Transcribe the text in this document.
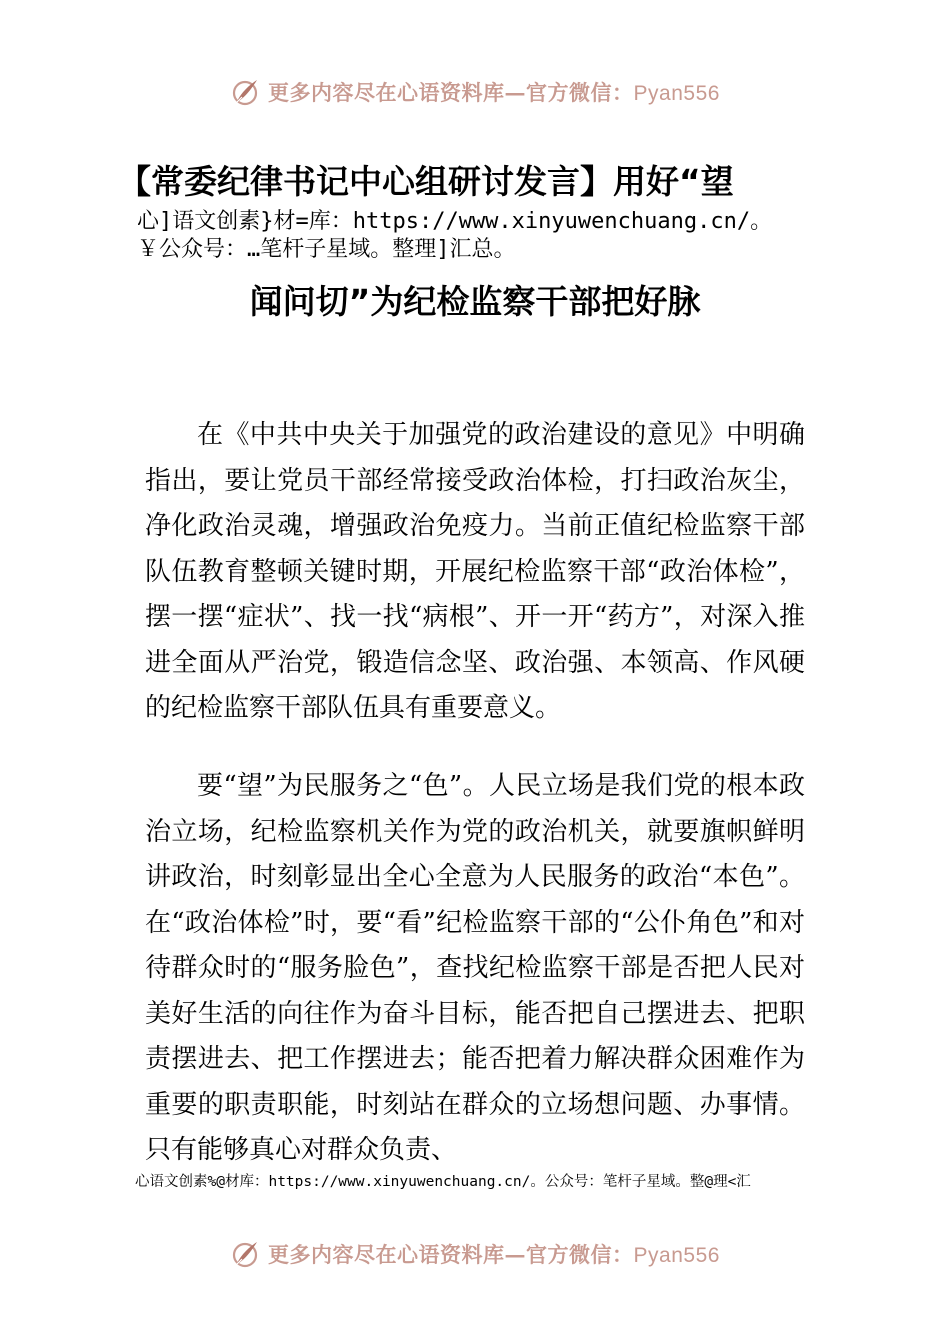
更多内容尽在心语资料库—官方微信：Pyan556
【常委纪律书记中心组研讨发言】用好“望
心]语文创素}材=库：https://www.xinyuwenchuang.cn/。
￥公众号：…笔杆子星域。整理]汇总。
闻问切”为纪检监察干部把好脉

在《中共中央关于加强党的政治建设的意见》中明确指出，要让党员干部经常接受政治体检，打扫政治灰尘，净化政治灵魂，增强政治免疫力。当前正值纪检监察干部队伍教育整顿关键时期，开展纪检监察干部“政治体检”，摆一摆“症状”、找一找“病根”、开一开“药方”，对深入推进全面从严治党，锻造信念坚、政治强、本领高、作风硬的纪检监察干部队伍具有重要意义。

要“望”为民服务之“色”。人民立场是我们党的根本政治立场，纪检监察机关作为党的政治机关，就要旗帜鲜明讲政治，时刻彰显出全心全意为人民服务的政治“本色”。在“政治体检”时，要“看”纪检监察干部的“公仆角色”和对待群众时的“服务脸色”，查找纪检监察干部是否把人民对美好生活的向往作为奋斗目标，能否把自己摆进去、把职责摆进去、把工作摆进去；能否把着力解决群众困难作为重要的职责职能，时刻站在群众的立场想问题、办事情。只有能够真心对群众负责、

心语文创素%@材库：https://www.xinyuwenchuang.cn/。公众号：笔杆子星域。整@理<汇
更多内容尽在心语资料库—官方微信：Pyan556
